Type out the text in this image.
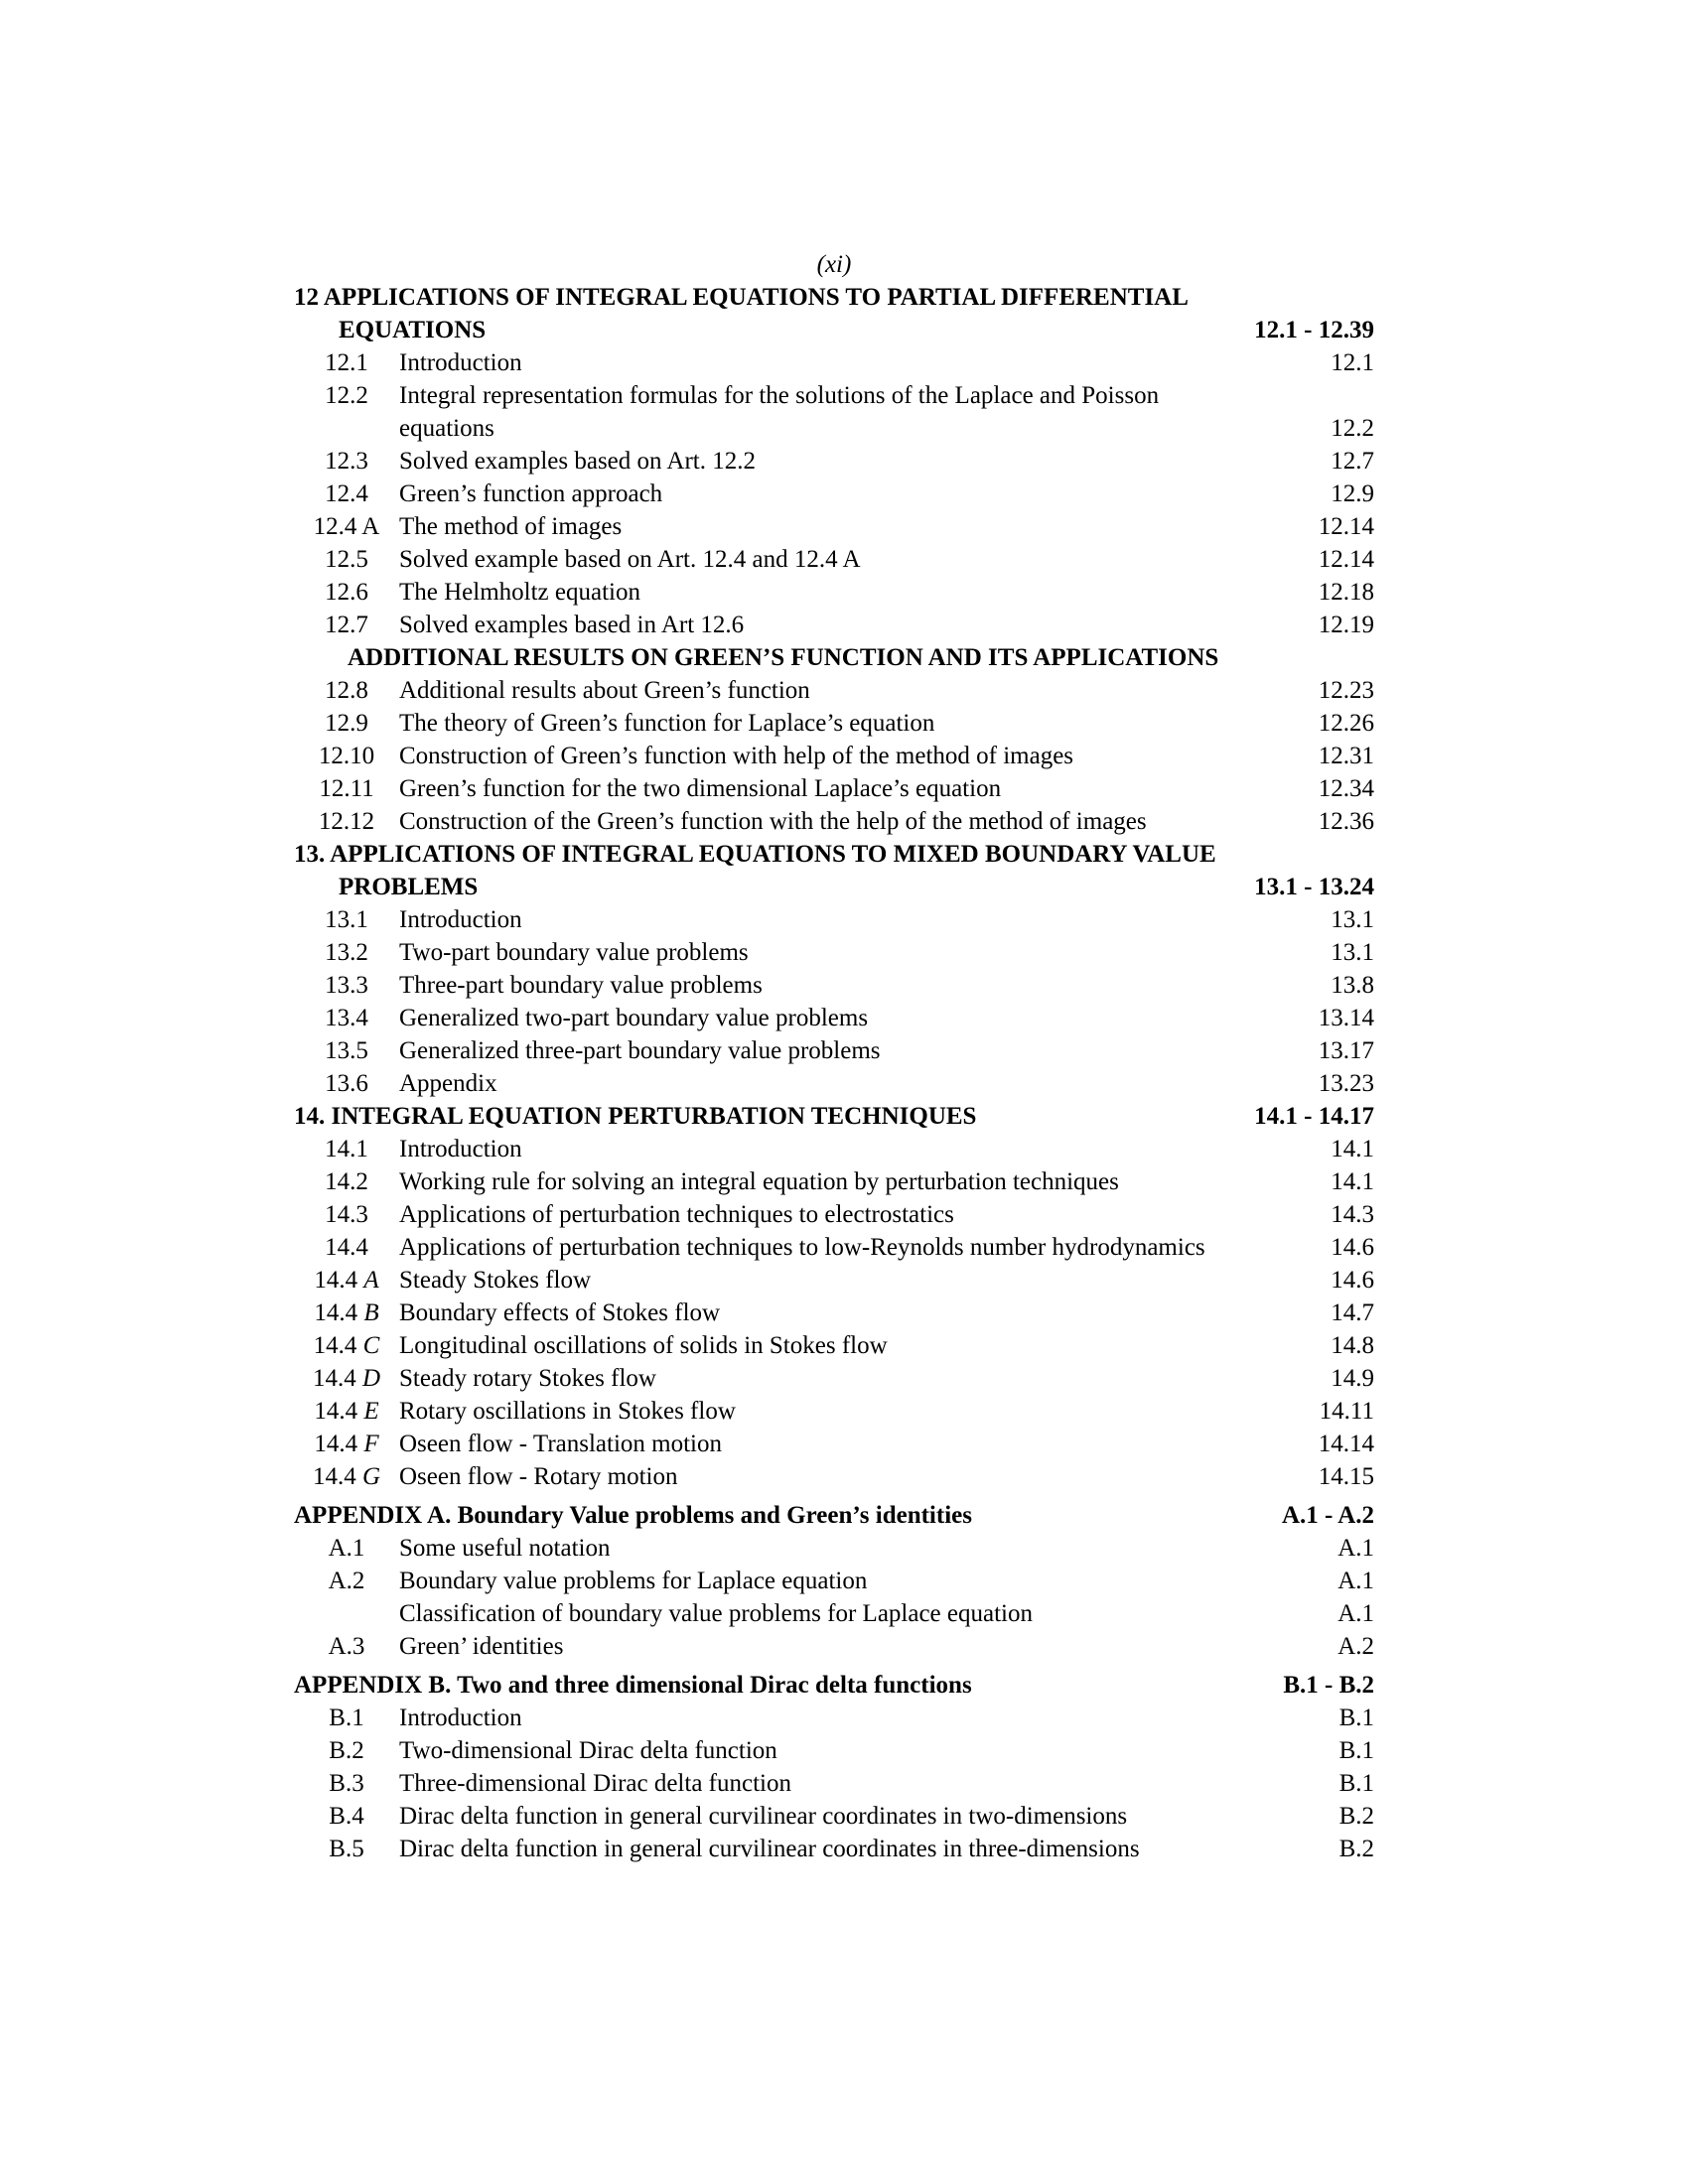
(xi)
12 APPLICATIONS OF INTEGRAL EQUATIONS TO PARTIAL DIFFERENTIAL
EQUATIONS	12.1 - 12.39
12.1	Introduction	12.1
12.2	Integral representation formulas for the solutions of the Laplace and Poisson
equations	12.2
12.3	Solved examples based on Art. 12.2	12.7
12.4	Green’s function approach	12.9
12.4 A The method of images	12.14
12.5	Solved example based on Art. 12.4 and 12.4 A	12.14
12.6	The Helmholtz equation	12.18
12.7	Solved examples based in Art 12.6	12.19
ADDITIONAL RESULTS ON GREEN’S FUNCTION AND ITS APPLICATIONS
12.8	Additional results about Green’s function	12.23
12.9	The theory of Green’s function for Laplace’s equation	12.26
12.10 Construction of Green’s function with help of the method of images	12.31
12.11	Green’s function for the two dimensional Laplace’s equation	12.34
12.12 Construction of the Green’s function with the help of the method of images	12.36
13. APPLICATIONS OF INTEGRAL EQUATIONS TO MIXED BOUNDARY VALUE
PROBLEMS	13.1 - 13.24
13.1	Introduction	13.1
13.2	Two-part boundary value problems	13.1
13.3	Three-part boundary value problems	13.8
13.4	Generalized two-part boundary value problems	13.14
13.5	Generalized three-part boundary value problems	13.17
13.6	Appendix	13.23
14. INTEGRAL EQUATION PERTURBATION TECHNIQUES	14.1 - 14.17
14.1	Introduction	14.1
14.2	Working rule for solving an integral equation by perturbation techniques	14.1
14.3	Applications of perturbation techniques to electrostatics	14.3
14.4	Applications of perturbation techniques to low-Reynolds number hydrodynamics	14.6
14.4 A Steady Stokes flow	14.6
14.4 B Boundary effects of Stokes flow	14.7
14.4 C Longitudinal oscillations of solids in Stokes flow	14.8
14.4 D Steady rotary Stokes flow	14.9
14.4 E Rotary oscillations in Stokes flow	14.11
14.4 F Oseen flow - Translation motion	14.14
14.4 G Oseen flow - Rotary motion	14.15
APPENDIX A. Boundary Value problems and Green’s identities	A.1 - A.2
A.1	Some useful notation	A.1
A.2	Boundary value problems for Laplace equation	A.1
Classification of boundary value problems for Laplace equation	A.1
A.3	Green’ identities	A.2
APPENDIX B. Two and three dimensional Dirac delta functions	B.1 - B.2
B.1	Introduction	B.1
B.2	Two-dimensional Dirac delta function	B.1
B.3	Three-dimensional Dirac delta function	B.1
B.4	Dirac delta function in general curvilinear coordinates in two-dimensions	B.2
B.5	Dirac delta function in general curvilinear coordinates in three-dimensions	B.2
